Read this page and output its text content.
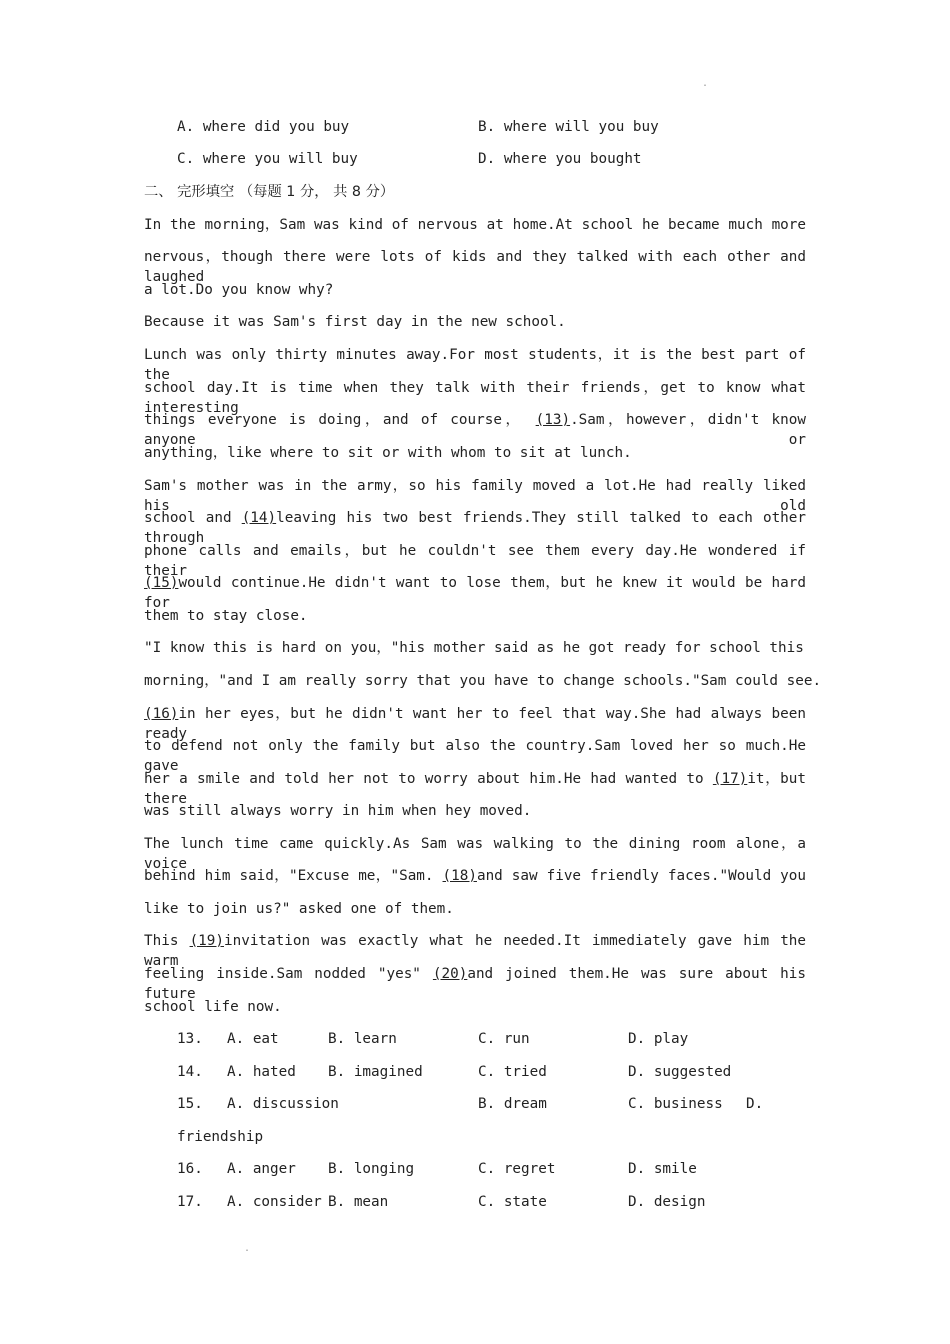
.
A. where did you buy	B. where will you buy
C. where you will buy	D. where you bought
二、 完形填空 （每题 1 分， 共 8 分）
In the morning，Sam was kind of nervous at home.At school he became much more
nervous，though there were lots of kids and they talked with each other and laughed
a lot.Do you know why?
Because it was Sam's first day in the new school.
Lunch was only thirty minutes away.For most students，it is the best part of the
school day.It is time when they talk with their friends，get to know what interesting
things everyone is doing，and of course， (13).Sam，however，didn't know anyone or
anything，like where to sit or with whom to sit at lunch.
Sam's mother was in the army，so his family moved a lot.He had really liked his old
school and (14)leaving his two best friends.They still talked to each other through
phone calls and emails，but he couldn't see them every day.He wondered if their
(15)would continue.He didn't want to lose them，but he knew it would be hard for
them to stay close.
"I know this is hard on you，"his mother said as he got ready for school this
morning，"and I am really sorry that you have to change schools."Sam could see.
(16)in her eyes，but he didn't want her to feel that way.She had always been ready
to defend not only the family but also the country.Sam loved her so much.He gave
her a smile and told her not to worry about him.He had wanted to (17)it，but there
was still always worry in him when hey moved.
The lunch time came quickly.As Sam was walking to the dining room alone，a voice
behind him said，"Excuse me，"Sam. (18)and saw five friendly faces."Would you
like to join us?" asked one of them.
This (19)invitation was exactly what he needed.It immediately gave him the warm
feeling inside.Sam nodded "yes" (20)and joined them.He was sure about his future
school life now.
13. A. eat	B. learn	C. run	D. play
14. A. hated B. imagined	C. tried	D. suggested
15. A. discussion	B. dream	C. business D.
friendship
16. A. anger B. longing	C. regret	D. smile
17. A. consider B. mean	C. state	D. design
.
